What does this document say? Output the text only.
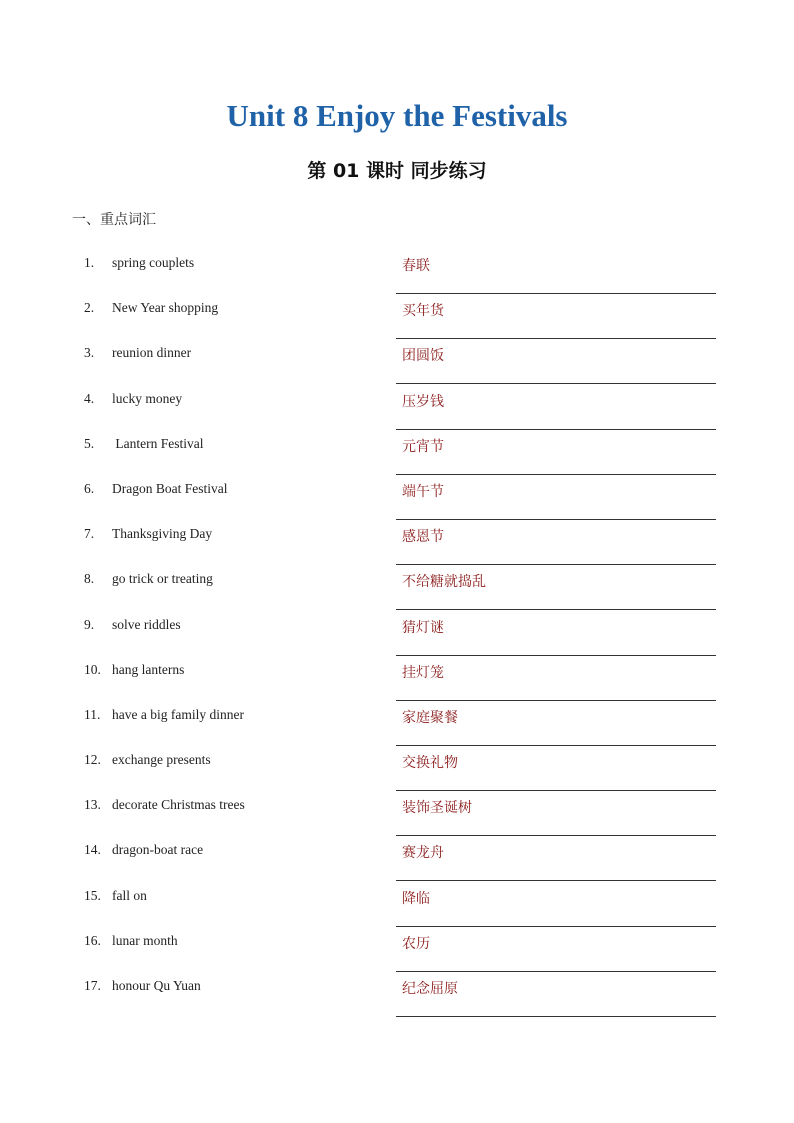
Unit 8 Enjoy the Festivals
第 01 课时 同步练习
一、重点词汇
1. spring couplets	春联
2. New Year shopping	买年货
3. reunion dinner	团圆饭
4. lucky money	压岁钱
5. Lantern Festival	元宵节
6. Dragon Boat Festival	端午节
7. Thanksgiving Day	感恩节
8. go trick or treating	不给糖就捣乱
9. solve riddles	猜灯谜
10. hang lanterns	挂灯笼
11. have a big family dinner	家庭聚餐
12. exchange presents	交换礼物
13. decorate Christmas trees	装饰圣诞树
14. dragon-boat race	赛龙舟
15. fall on	降临
16. lunar month	农历
17. honour Qu Yuan	纪念屈原
